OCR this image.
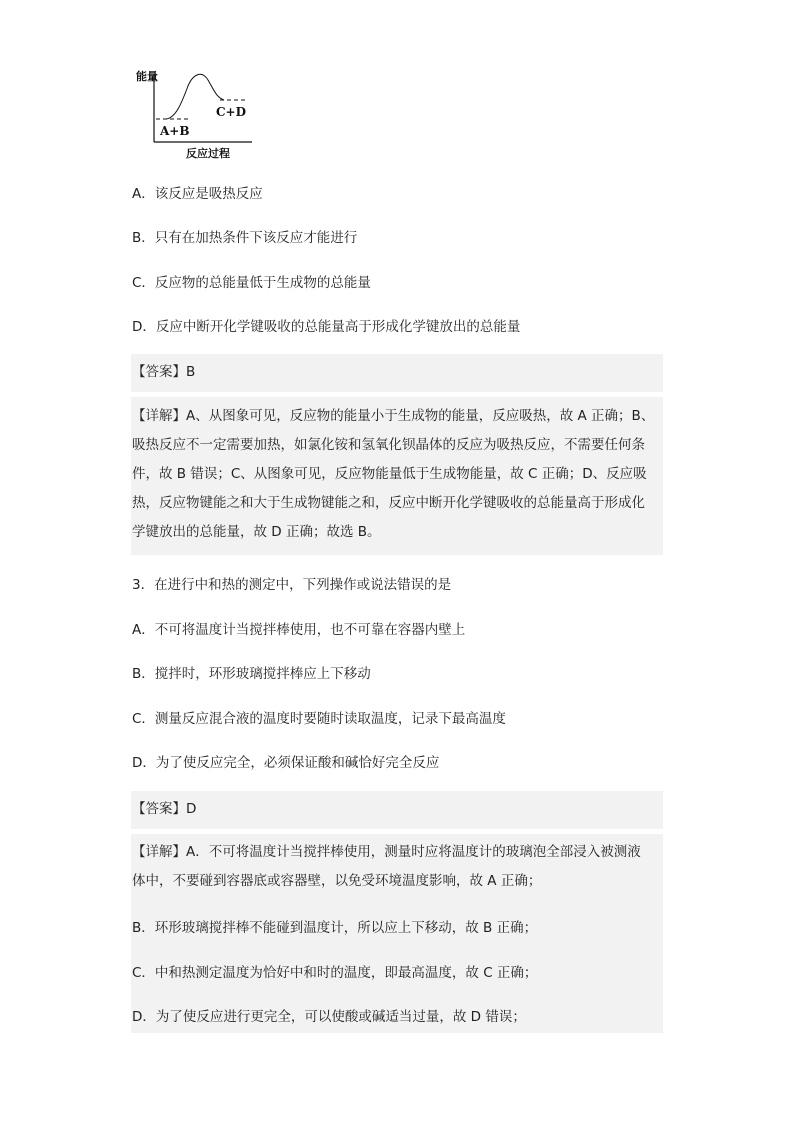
能量
A+B
C+D
反应过程
A．该反应是吸热反应
B．只有在加热条件下该反应才能进行
C．反应物的总能量低于生成物的总能量
D．反应中断开化学键吸收的总能量高于形成化学键放出的总能量
【答案】B
【详解】A、从图象可见，反应物的能量小于生成物的能量，反应吸热，故 A 正确；B、
吸热反应不一定需要加热，如氯化铵和氢氧化钡晶体的反应为吸热反应，不需要任何条
件，故 B 错误；C、从图象可见，反应物能量低于生成物能量，故 C 正确；D、反应吸
热，反应物键能之和大于生成物键能之和，反应中断开化学键吸收的总能量高于形成化
学键放出的总能量，故 D 正确；故选 B。
3．在进行中和热的测定中，下列操作或说法错误的是
A．不可将温度计当搅拌棒使用，也不可靠在容器内壁上
B．搅拌时，环形玻璃搅拌棒应上下移动
C．测量反应混合液的温度时要随时读取温度，记录下最高温度
D．为了使反应完全，必须保证酸和碱恰好完全反应
【答案】D
【详解】A．不可将温度计当搅拌棒使用，测量时应将温度计的玻璃泡全部浸入被测液
体中，不要碰到容器底或容器壁，以免受环境温度影响，故 A 正确；
B．环形玻璃搅拌棒不能碰到温度计，所以应上下移动，故 B 正确；
C．中和热测定温度为恰好中和时的温度，即最高温度，故 C 正确；
D．为了使反应进行更完全，可以使酸或碱适当过量，故 D 错误；
